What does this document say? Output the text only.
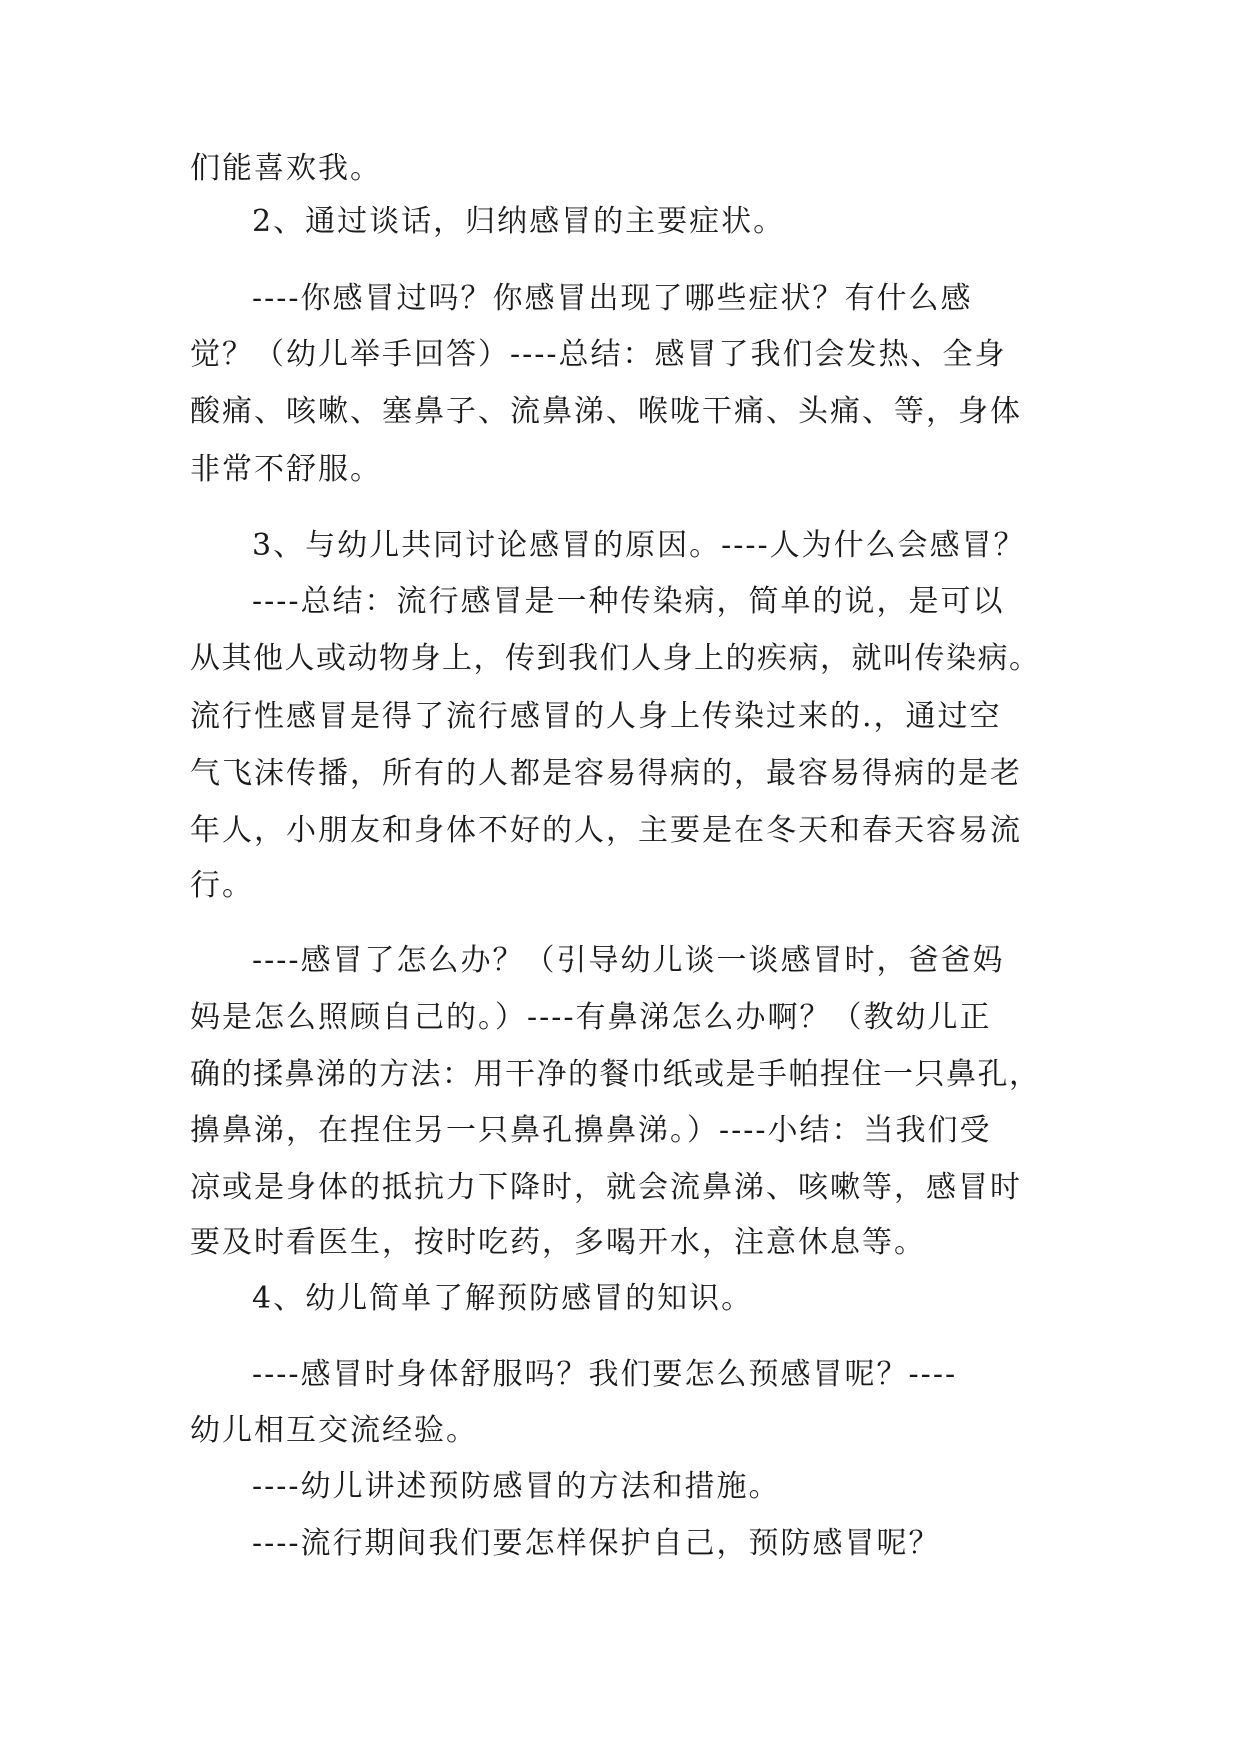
们能喜欢我。
2、通过谈话，归纳感冒的主要症状。
----你感冒过吗？你感冒出现了哪些症状？有什么感
觉？（幼儿举手回答）----总结：感冒了我们会发热、全身
酸痛、咳嗽、塞鼻子、流鼻涕、喉咙干痛、头痛、等，身体
非常不舒服。
3、与幼儿共同讨论感冒的原因。----人为什么会感冒？
----总结：流行感冒是一种传染病，简单的说，是可以
从其他人或动物身上，传到我们人身上的疾病，就叫传染病。
流行性感冒是得了流行感冒的人身上传染过来的.，通过空
气飞沫传播，所有的人都是容易得病的，最容易得病的是老
年人，小朋友和身体不好的人，主要是在冬天和春天容易流
行。
----感冒了怎么办？（引导幼儿谈一谈感冒时，爸爸妈
妈是怎么照顾自己的。）----有鼻涕怎么办啊？（教幼儿正
确的揉鼻涕的方法：用干净的餐巾纸或是手帕捏住一只鼻孔，
擤鼻涕，在捏住另一只鼻孔擤鼻涕。）----小结：当我们受
凉或是身体的抵抗力下降时，就会流鼻涕、咳嗽等，感冒时
要及时看医生，按时吃药，多喝开水，注意休息等。
4、幼儿简单了解预防感冒的知识。
----感冒时身体舒服吗？我们要怎么预感冒呢？----
幼儿相互交流经验。
----幼儿讲述预防感冒的方法和措施。
----流行期间我们要怎样保护自己，预防感冒呢？
